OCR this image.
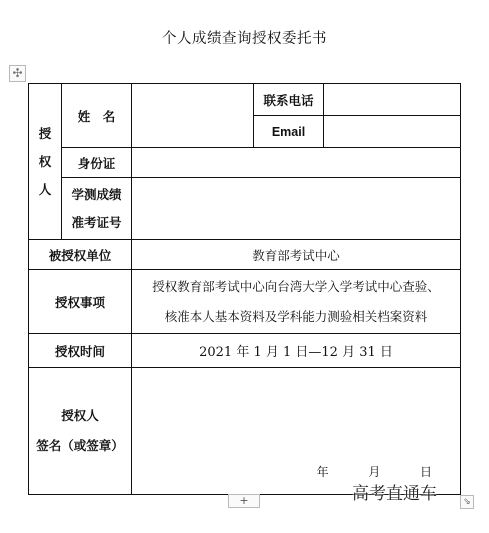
个人成绩查询授权委托书
✣
授
权
人	姓　名		联系电话	
			Email	
	身份证			

	学测成绩
准考证号			

被授权单位		教育部考试中心		
授权事项		授权教育部考试中心向台湾大学入学考试中心查验、
核准本人基本资料及学科能力测验相关档案资料		

授权时间		2021 年 1 月 1 日—12 月 31 日		

授权人
签名（或签章）		年 月 日		
+	⇘
高考直通车
